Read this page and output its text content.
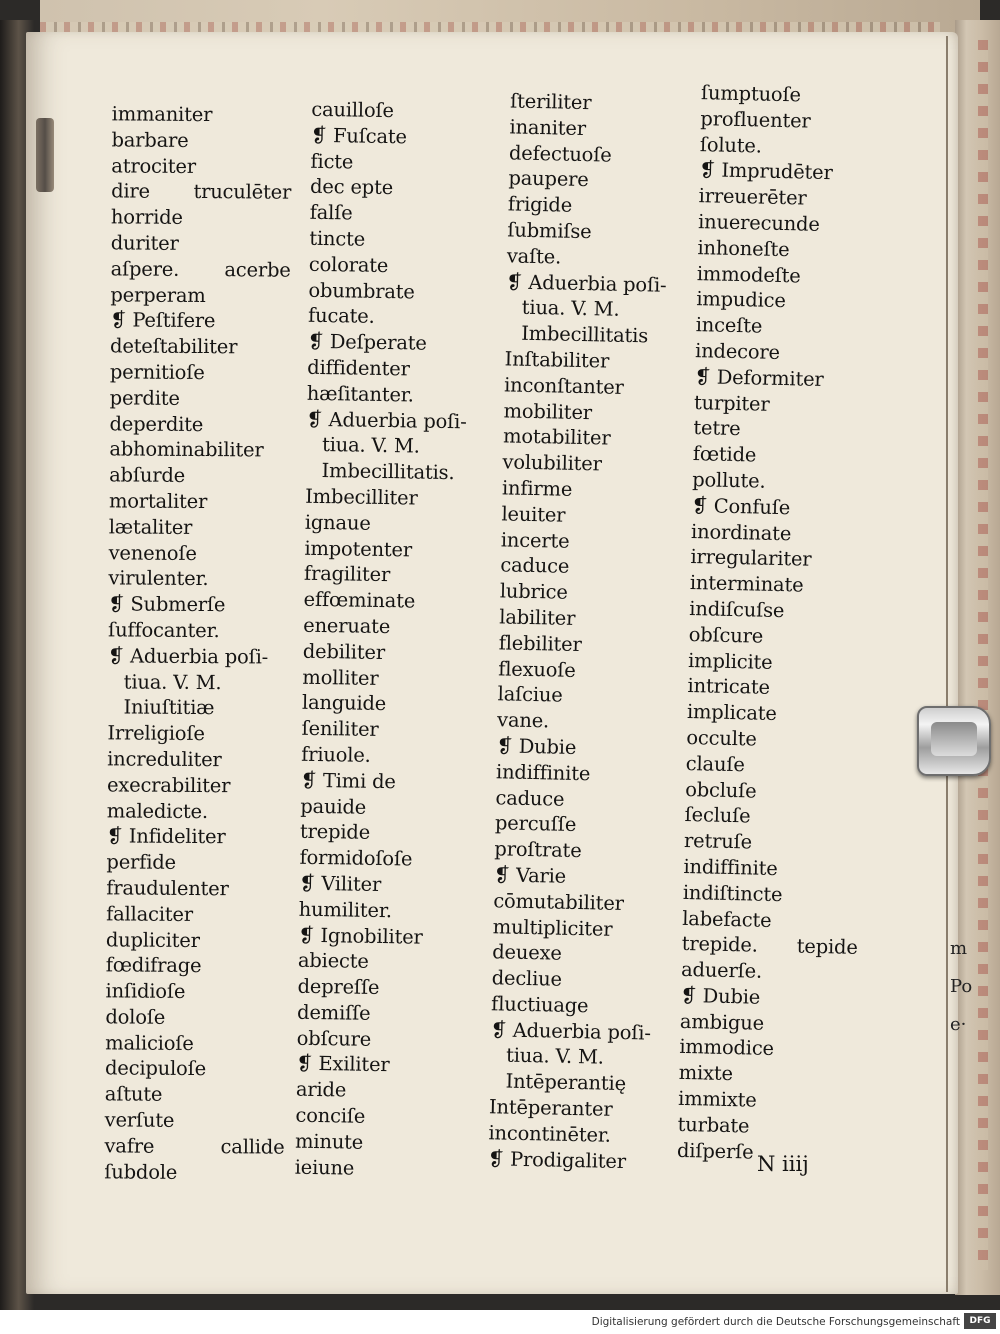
immaniter
barbare
atrociter
dire truculēter
horride
duriter
aſpere. acerbe
perperam
❡ Peſtifere
deteſtabiliter
pernitioſe
perdite
deperdite
abhominabiliter
abſurde
mortaliter
lætaliter
venenoſe
virulenter.
❡ Submerſe
ſuffocanter.
❡ Aduerbia poſi-
tiua. V. M.
Iniuſtitiæ
Irreligioſe
increduliter
execrabiliter
maledicte.
❡ Infideliter
perfide
fraudulenter
fallaciter
dupliciter
fœdifrage
inſidioſe
doloſe
malicioſe
decipuloſe
aſtute
verſute
vafre	callide
ſubdole
cauilloſe
❡ Fuſcate
ficte
dec epte
falſe
tincte
colorate
obumbrate
fucate.
❡ Deſperate
diffidenter
hæſitanter.
❡ Aduerbia poſi-
tiua. V. M.
Imbecillitatis.
Imbecilliter
ignaue
impotenter
fragiliter
effœminate
eneruate
debiliter
molliter
languide
ſeniliter
friuole.
❡ Timi de
pauide
trepide
formidoſoſe
❡ Viliter
humiliter.
❡ Ignobiliter
abiecte
depreſſe
demiſſe
obſcure
❡ Exiliter
aride
conciſe
minute
ieiune
ſteriliter
inaniter
defectuoſe
paupere
frigide
ſubmiſse
vaſte.
❡ Aduerbia poſi-
tiua. V. M.
Imbecillitatis
Inſtabiliter
inconſtanter
mobiliter
motabiliter
volubiliter
infirme
leuiter
incerte
caduce
lubrice
labiliter
flebiliter
flexuoſe
laſciue
vane.
❡ Dubie
indiffinite
caduce
percuſſe
proſtrate
❡ Varie
cōmutabiliter
multipliciter
deuexe
decliue
fluctiuage
❡ Aduerbia poſi-
tiua. V. M.
Intēperantię
Intēperanter
incontinēter.
❡ Prodigaliter
ſumptuoſe
profluenter
ſolute.
❡ Imprudēter
irreuerēter
inuerecunde
inhoneſte
immodeſte
impudice
inceſte
indecore
❡ Deformiter
turpiter
tetre
fœtide
pollute.
❡ Confuſe
inordinate
irregulariter
interminate
indiſcuſse
obſcure
implicite
intricate
implicate
occulte
clauſe
obcluſe
ſecluſe
retruſe
indiffinite
indiſtincte
labefacte
trepide. tepide
aduerſe.
❡ Dubie
ambigue
immodice
mixte
immixte
turbate
diſperſe
N iiij
m
Po
e·
Digitalisierung gefördert durch die Deutsche Forschungsgemeinschaft	DFG
